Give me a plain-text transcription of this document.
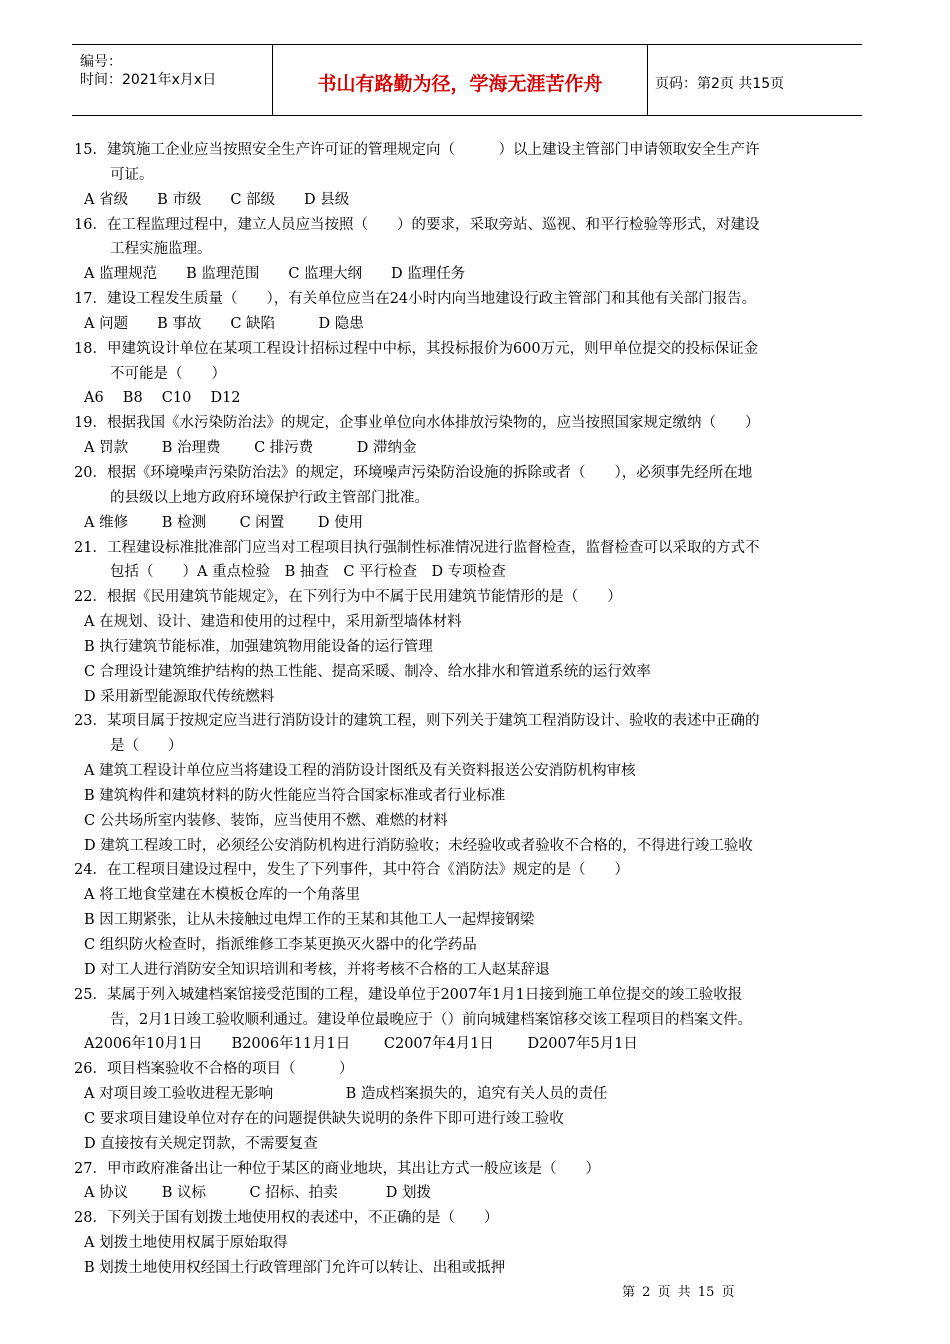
编号：
时间：2021年x月x日	书山有路勤为径，学海无涯苦作舟	页码：第2页 共15页
15．建筑施工企业应当按照安全生产许可证的管理规定向（　　　）以上建设主管部门申请领取安全生产许
可证。
A 省级　　B 市级　　C 部级　　D 县级
16．在工程监理过程中，建立人员应当按照（　　）的要求，采取旁站、巡视、和平行检验等形式，对建设
工程实施监理。
A 监理规范　　B 监理范围　　C 监理大纲　　D 监理任务
17．建设工程发生质量（　　），有关单位应当在24小时内向当地建设行政主管部门和其他有关部门报告。
A 问题　　B 事故　　C 缺陷　　　D 隐患
18．甲建筑设计单位在某项工程设计招标过程中中标，其投标报价为600万元，则甲单位提交的投标保证金
不可能是（　　）
A6　 B8　 C10　 D12
19．根据我国《水污染防治法》的规定，企事业单位向水体排放污染物的，应当按照国家规定缴纳（　　）
A 罚款　　 B 治理费　　 C 排污费　　　D 滞纳金
20．根据《环境噪声污染防治法》的规定，环境噪声污染防治设施的拆除或者（　　），必须事先经所在地
的县级以上地方政府环境保护行政主管部门批准。
A 维修　　 B 检测　　 C 闲置　　 D 使用
21．工程建设标准批准部门应当对工程项目执行强制性标准情况进行监督检查，监督检查可以采取的方式不
包括（　　）A 重点检验　B 抽查　C 平行检查　D 专项检查
22．根据《民用建筑节能规定》，在下列行为中不属于民用建筑节能情形的是（　　）
A 在规划、设计、建造和使用的过程中，采用新型墙体材料
B 执行建筑节能标准，加强建筑物用能设备的运行管理
C 合理设计建筑维护结构的热工性能、提高采暖、制冷、给水排水和管道系统的运行效率
D 采用新型能源取代传统燃料
23．某项目属于按规定应当进行消防设计的建筑工程，则下列关于建筑工程消防设计、验收的表述中正确的
是（　　）
A 建筑工程设计单位应当将建设工程的消防设计图纸及有关资料报送公安消防机构审核
B 建筑构件和建筑材料的防火性能应当符合国家标准或者行业标准
C 公共场所室内装修、装饰，应当使用不燃、难燃的材料
D 建筑工程竣工时，必须经公安消防机构进行消防验收；未经验收或者验收不合格的，不得进行竣工验收
24．在工程项目建设过程中，发生了下列事件，其中符合《消防法》规定的是（　　）
A 将工地食堂建在木模板仓库的一个角落里
B 因工期紧张，让从未接触过电焊工作的王某和其他工人一起焊接钢梁
C 组织防火检查时，指派维修工李某更换灭火器中的化学药品
D 对工人进行消防安全知识培训和考核，并将考核不合格的工人赵某辞退
25．某属于列入城建档案馆接受范围的工程，建设单位于2007年1月1日接到施工单位提交的竣工验收报
告，2月1日竣工验收顺利通过。建设单位最晚应于（）前向城建档案馆移交该工程项目的档案文件。
A2006年10月1日　　B2006年11月1日　　 C2007年4月1日　　 D2007年5月1日
26．项目档案验收不合格的项目（　　　）
A 对项目竣工验收进程无影响　　　　　B 造成档案损失的，追究有关人员的责任
C 要求项目建设单位对存在的问题提供缺失说明的条件下即可进行竣工验收
D 直接按有关规定罚款，不需要复查
27．甲市政府准备出让一种位于某区的商业地块，其出让方式一般应该是（　　）
A 协议　　 B 议标　　　C 招标、拍卖　　　 D 划拨
28．下列关于国有划拨土地使用权的表述中，不正确的是（　　）
A 划拨土地使用权属于原始取得
B 划拨土地使用权经国土行政管理部门允许可以转让、出租或抵押
第 2 页 共 15 页
